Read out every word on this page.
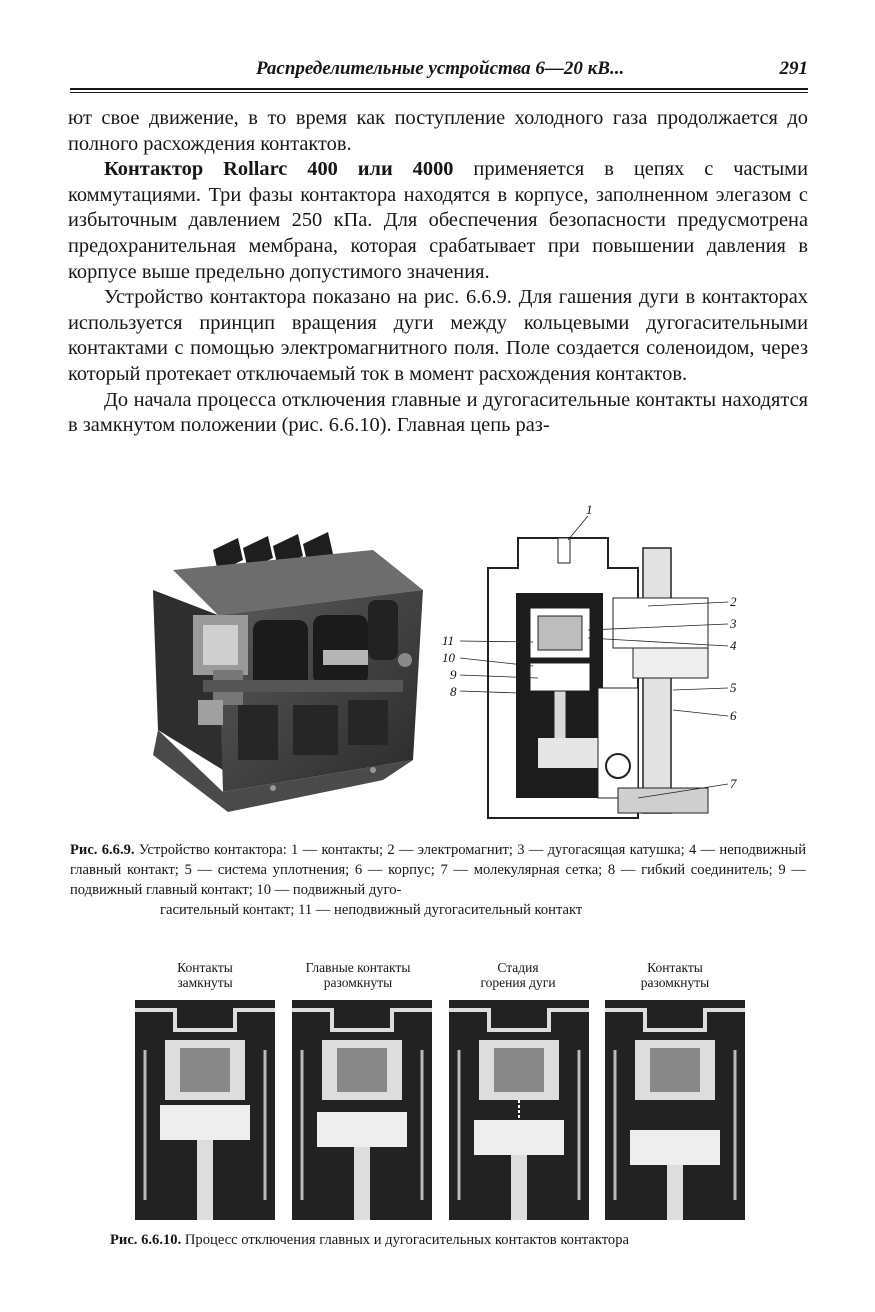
Распределительные устройства 6—20 кВ...	291

ют свое движение, в то время как поступление холодного газа продолжается до полного расхождения контактов.

Контактор Rollarc 400 или 4000 применяется в цепях с частыми коммутациями. Три фазы контактора находятся в корпусе, заполненном элегазом с избыточным давлением 250 кПа. Для обеспечения безопасности предусмотрена предохранительная мембрана, которая срабатывает при повышении давления в корпусе выше предельно допустимого значения.

Устройство контактора показано на рис. 6.6.9. Для гашения дуги в контакторах используется принцип вращения дуги между кольцевыми дугогасительными контактами с помощью электромагнитного поля. Поле создается соленоидом, через который протекает отключаемый ток в момент расхождения контактов.

До начала процесса отключения главные и дугогасительные контакты находятся в замкнутом положении (рис. 6.6.10). Главная цепь раз-

1
2
3
4
5
6
7
8
9
10
11
Рис. 6.6.9. Устройство контактора: 1 — контакты; 2 — электромагнит; 3 — дугогасящая катушка; 4 — неподвижный главный контакт; 5 — система уплотнения; 6 — корпус; 7 — молекулярная сетка; 8 — гибкий соединитель; 9 — подвижный главный контакт; 10 — подвижный дуго-
гасительный контакт; 11 — неподвижный дугогасительный контакт
Контакты
замкнуты
Главные контакты
разомкнуты
Стадия
горения дуги
Контакты
разомкнуты
Рис. 6.6.10. Процесс отключения главных и дугогасительных контактов контактора
